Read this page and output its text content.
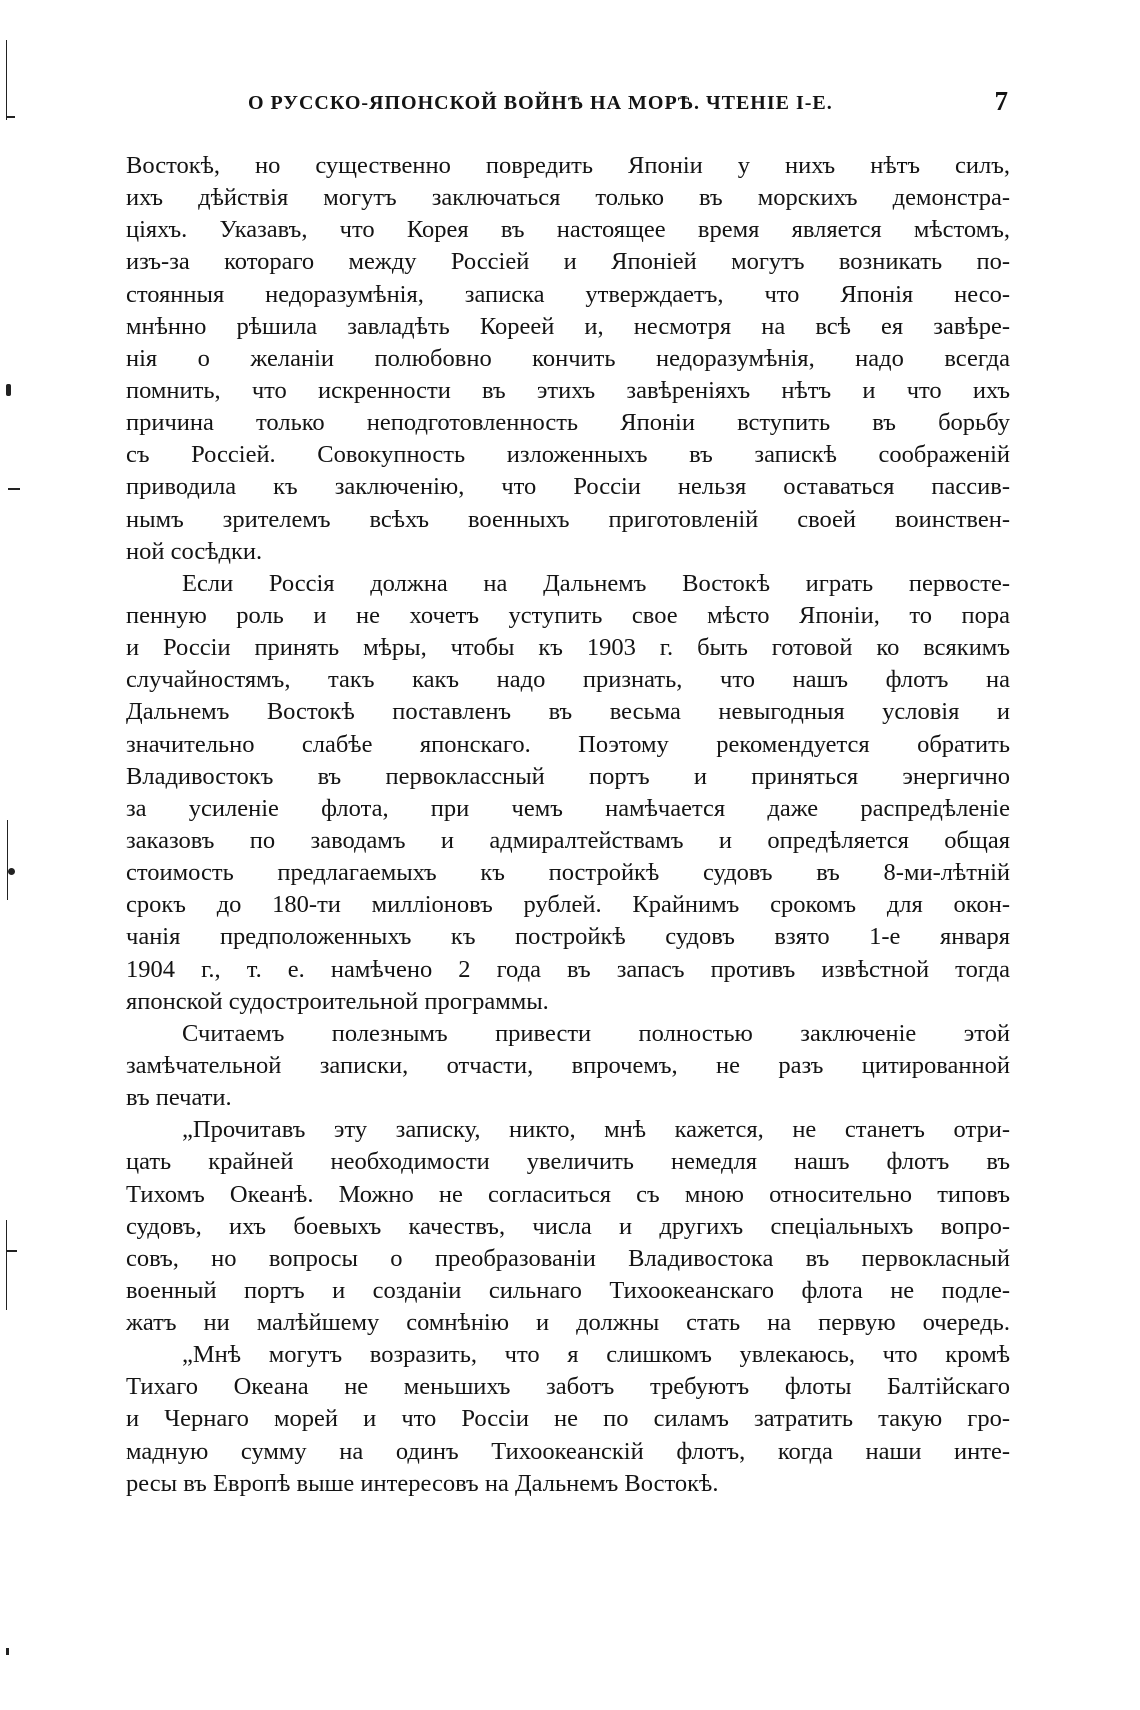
О РУССКО-ЯПОНСКОЙ ВОЙНѢ НА МОРѢ. ЧТЕНІЕ І-Е.	7
Востокѣ, но существенно повредить Японіи у нихъ нѣтъ силъ,
ихъ дѣйствія могутъ заключаться только въ морскихъ демонстра-
ціяхъ. Указавъ, что Корея въ настоящее время является мѣстомъ,
изъ-за котораго между Россіей и Японіей могутъ возникать по-
стоянныя недоразумѣнія, записка утверждаетъ, что Японія несо-
мнѣнно рѣшила завладѣть Кореей и, несмотря на всѣ ея завѣре-
нія о желаніи полюбовно кончить недоразумѣнія, надо всегда
помнить, что искренности въ этихъ завѣреніяхъ нѣтъ и что ихъ
причина только неподготовленность Японіи вступить въ борьбу
съ Россіей. Совокупность изложенныхъ въ запискѣ соображеній
приводила къ заключенію, что Россіи нельзя оставаться пассив-
нымъ зрителемъ всѣхъ военныхъ приготовленій своей воинствен-
ной сосѣдки.
Если Россія должна на Дальнемъ Востокѣ играть первосте-
пенную роль и не хочетъ уступить свое мѣсто Японіи, то пора
и Россіи принять мѣры, чтобы къ 1903 г. быть готовой ко всякимъ
случайностямъ, такъ какъ надо признать, что нашъ флотъ на
Дальнемъ Востокѣ поставленъ въ весьма невыгодныя условія и
значительно слабѣе японскаго. Поэтому рекомендуется обратить
Владивостокъ въ первоклассный портъ и приняться энергично
за усиленіе флота, при чемъ намѣчается даже распредѣленіе
заказовъ по заводамъ и адмиралтействамъ и опредѣляется общая
стоимость предлагаемыхъ къ постройкѣ судовъ въ 8-ми-лѣтній
срокъ до 180-ти милліоновъ рублей. Крайнимъ срокомъ для окон-
чанія предположенныхъ къ постройкѣ судовъ взято 1-е января
1904 г., т. е. намѣчено 2 года въ запасъ противъ извѣстной тогда
японской судостроительной программы.
Считаемъ полезнымъ привести полностью заключеніе этой
замѣчательной записки, отчасти, впрочемъ, не разъ цитированной
въ печати.
„Прочитавъ эту записку, никто, мнѣ кажется, не станетъ отри-
цать крайней необходимости увеличить немедля нашъ флотъ въ
Тихомъ Океанѣ. Можно не согласиться съ мною относительно типовъ
судовъ, ихъ боевыхъ качествъ, числа и другихъ спеціальныхъ вопро-
совъ, но вопросы о преобразованіи Владивостока въ первокласный
военный портъ и созданіи сильнаго Тихоокеанскаго флота не подле-
жатъ ни малѣйшему сомнѣнію и должны стать на первую очередь.
„Мнѣ могутъ возразить, что я слишкомъ увлекаюсь, что кромѣ
Тихаго Океана не меньшихъ заботъ требуютъ флоты Балтійскаго
и Чернаго морей и что Россіи не по силамъ затратить такую гро-
мадную сумму на одинъ Тихоокеанскій флотъ, когда наши инте-
ресы въ Европѣ выше интересовъ на Дальнемъ Востокѣ.
